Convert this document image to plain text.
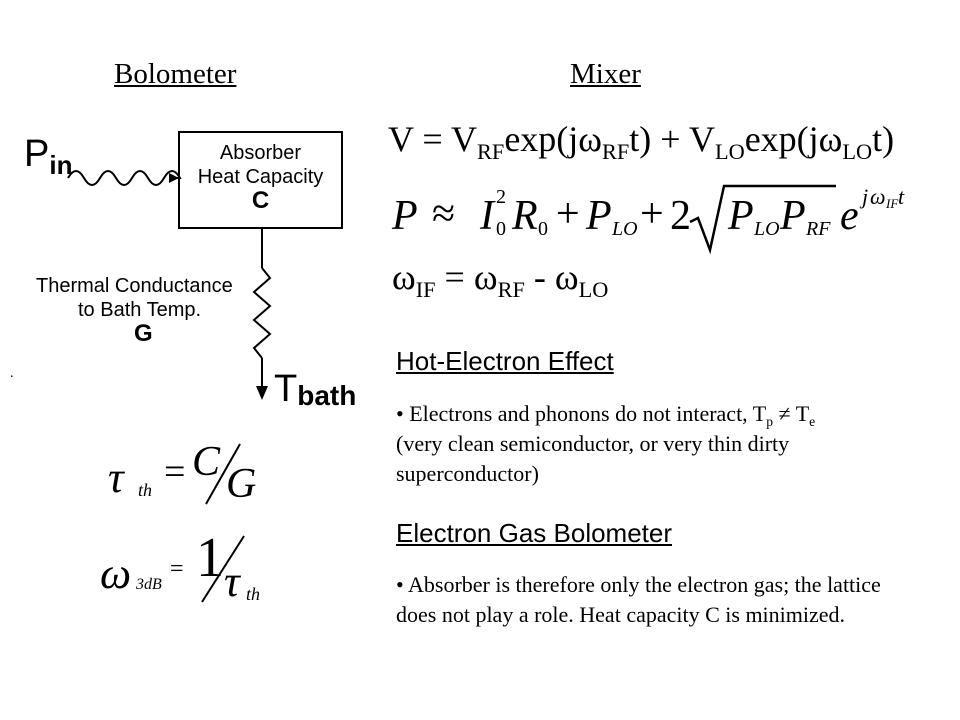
Bolometer	Mixer
$P_{in}$	Absorber
Heat Capacity
C
Thermal Conductance
to Bath Temp.
G
Tbath
.
τ th = C G
ω 3dB
= 1 τ th
$V = V_{RF}\exp(j\omega_{RF}t) + V_{LO}\exp(j\omega_{LO}t)$
P ≈ I 2
0 R 0 + P LO + 2 P LO P RF e j ω IF t
$\omega_{IF} = \omega_{RF} - \omega_{LO}$
Hot-Electron Effect
• Electrons and phonons do not interact, $T_p \ne T_e$
(very clean semiconductor, or very thin dirty superconductor)
Electron Gas Bolometer
• Absorber is therefore only the electron gas; the lattice does not play a role. Heat capacity C is minimized.
